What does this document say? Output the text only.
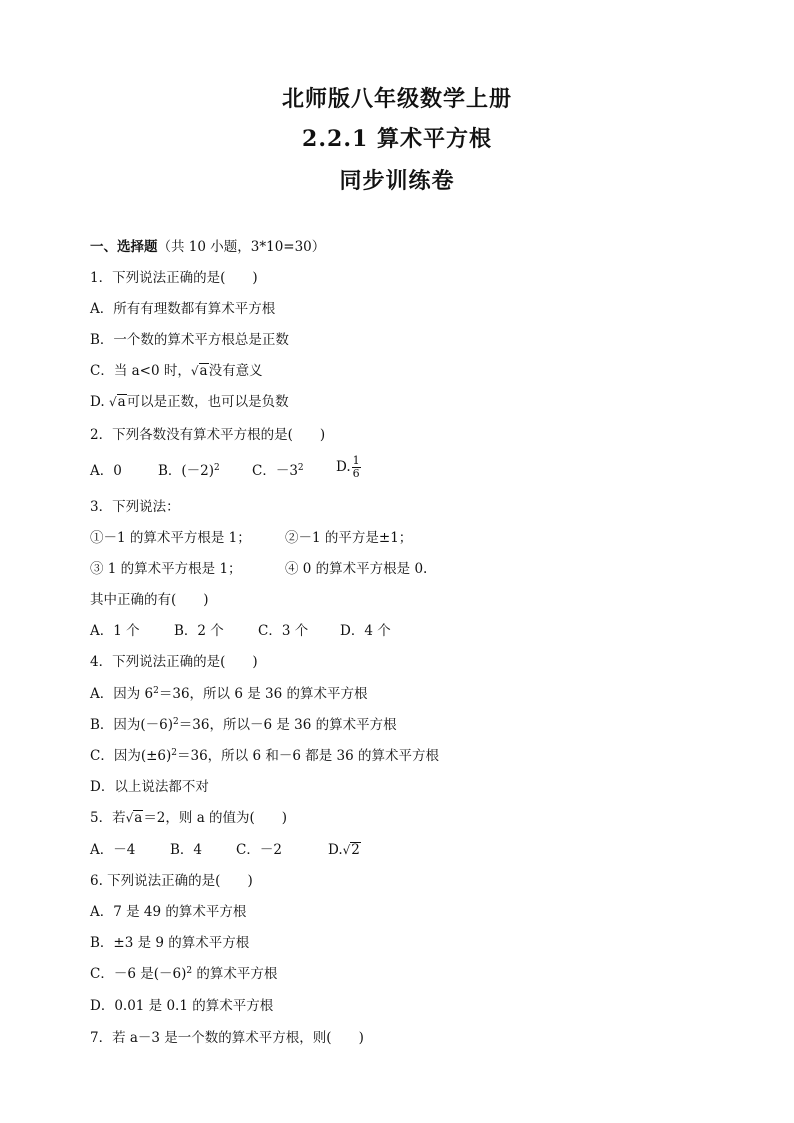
北师版八年级数学上册
2.2.1 算术平方根
同步训练卷
一、选择题（共 10 小题，3*10=30）
1．下列说法正确的是(　　)
A．所有有理数都有算术平方根
B．一个数的算术平方根总是正数
C．当 a<0 时，√a没有意义
D. √a可以是正数，也可以是负数
2．下列各数没有算术平方根的是(　　)
A．0	B．$(-2)^2$ C．$-3^2$ D. $\frac{1}{6}$
3．下列说法：
①－1 的算术平方根是 1；	②－1 的平方是±1；
③ 1 的算术平方根是 1；	④ 0 的算术平方根是 0.
其中正确的有(　　)
A．1 个	B．2 个	C．3 个 D．4 个
4．下列说法正确的是(　　)
A．因为 $6^2=36$，所以 6 是 36 的算术平方根
B．因为$(-6)^2=36$，所以－6 是 36 的算术平方根
C．因为$(\pm 6)^2=36$，所以 6 和－6 都是 36 的算术平方根
D．以上说法都不对
5．若√a＝2，则 a 的值为(　　)
A．－4	B．4	C．－2	D.√2
6. 下列说法正确的是(　　)
A．7 是 49 的算术平方根
B．±3 是 9 的算术平方根
C．－6 是$(-6)^2$ 的算术平方根
D．0.01 是 0.1 的算术平方根
7．若 a－3 是一个数的算术平方根，则(　　)
